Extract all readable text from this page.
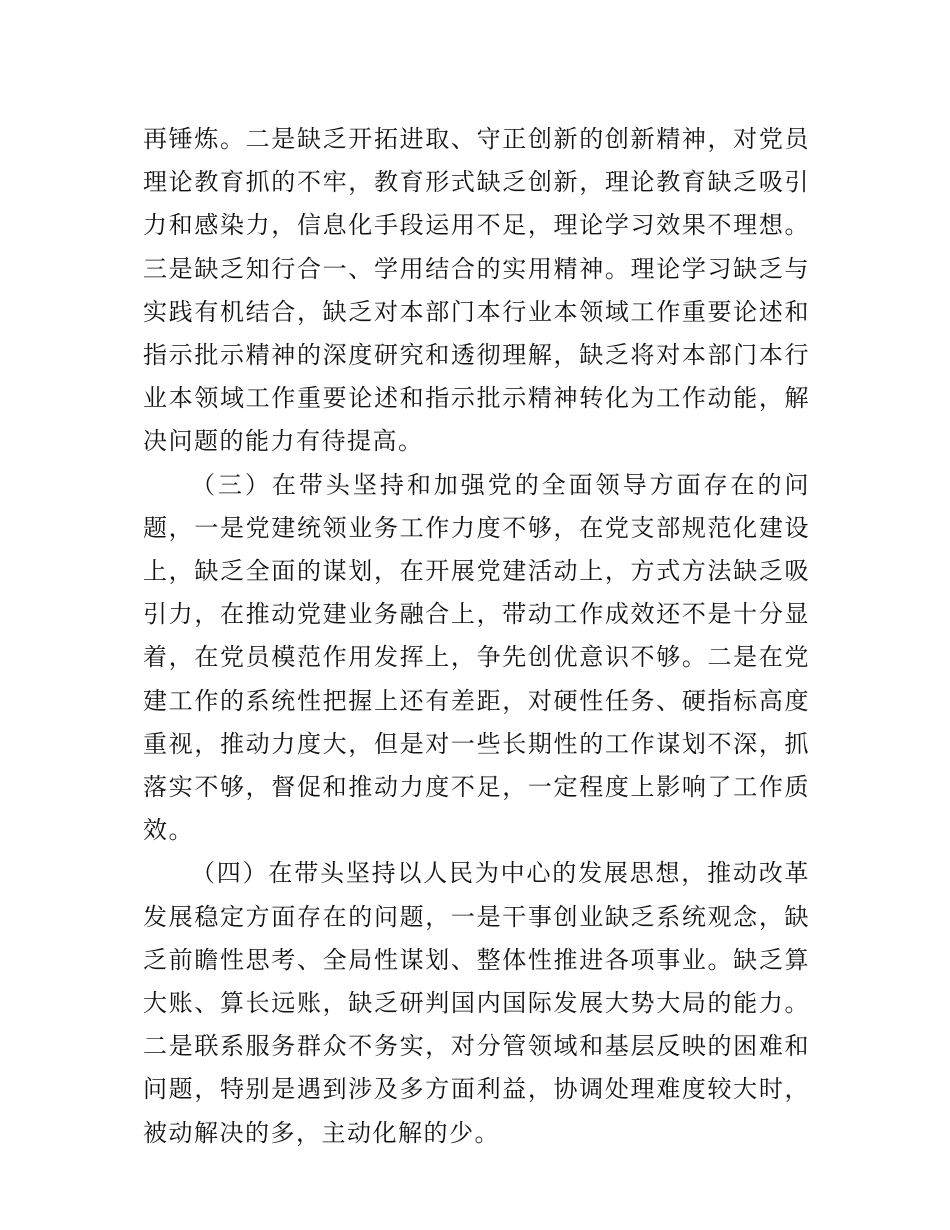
再锤炼。二是缺乏开拓进取、守正创新的创新精神，对党员理论教育抓的不牢，教育形式缺乏创新，理论教育缺乏吸引力和感染力，信息化手段运用不足，理论学习效果不理想。三是缺乏知行合一、学用结合的实用精神。理论学习缺乏与实践有机结合，缺乏对本部门本行业本领域工作重要论述和指示批示精神的深度研究和透彻理解，缺乏将对本部门本行业本领域工作重要论述和指示批示精神转化为工作动能，解决问题的能力有待提高。

（三）在带头坚持和加强党的全面领导方面存在的问题，一是党建统领业务工作力度不够，在党支部规范化建设上，缺乏全面的谋划，在开展党建活动上，方式方法缺乏吸引力，在推动党建业务融合上，带动工作成效还不是十分显着，在党员模范作用发挥上，争先创优意识不够。二是在党建工作的系统性把握上还有差距，对硬性任务、硬指标高度重视，推动力度大，但是对一些长期性的工作谋划不深，抓落实不够，督促和推动力度不足，一定程度上影响了工作质效。

（四）在带头坚持以人民为中心的发展思想，推动改革发展稳定方面存在的问题，一是干事创业缺乏系统观念，缺乏前瞻性思考、全局性谋划、整体性推进各项事业。缺乏算大账、算长远账，缺乏研判国内国际发展大势大局的能力。二是联系服务群众不务实，对分管领域和基层反映的困难和问题，特别是遇到涉及多方面利益，协调处理难度较大时，被动解决的多，主动化解的少。
